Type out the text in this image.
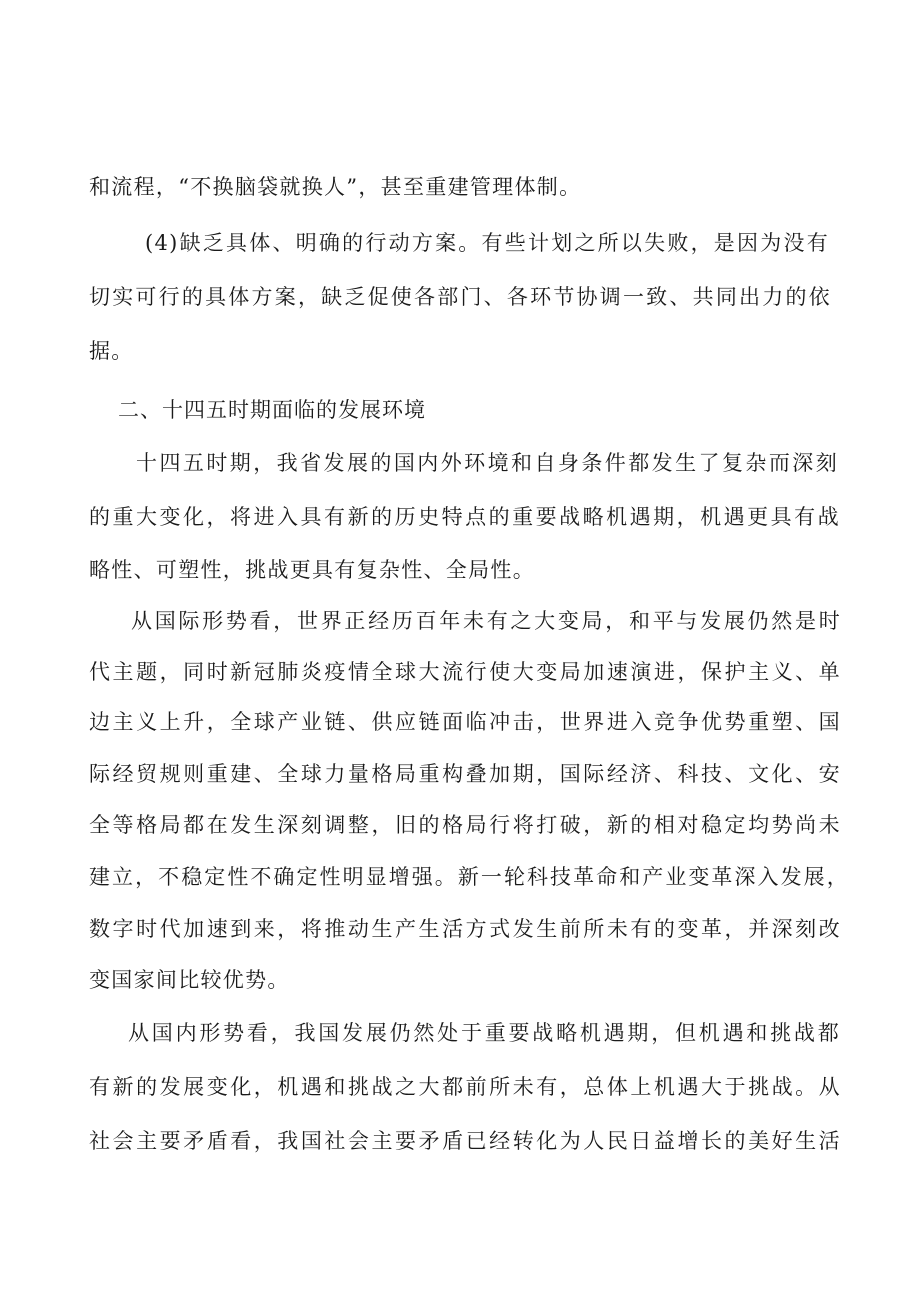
和流程，“不换脑袋就换人”，甚至重建管理体制。
(4)缺乏具体、明确的行动方案。有些计划之所以失败，是因为没有
切实可行的具体方案，缺乏促使各部门、各环节协调一致、共同出力的依
据。
二、十四五时期面临的发展环境
十四五时期，我省发展的国内外环境和自身条件都发生了复杂而深刻
的重大变化，将进入具有新的历史特点的重要战略机遇期，机遇更具有战
略性、可塑性，挑战更具有复杂性、全局性。
从国际形势看，世界正经历百年未有之大变局，和平与发展仍然是时
代主题，同时新冠肺炎疫情全球大流行使大变局加速演进，保护主义、单
边主义上升，全球产业链、供应链面临冲击，世界进入竞争优势重塑、国
际经贸规则重建、全球力量格局重构叠加期，国际经济、科技、文化、安
全等格局都在发生深刻调整，旧的格局行将打破，新的相对稳定均势尚未
建立，不稳定性不确定性明显增强。新一轮科技革命和产业变革深入发展，
数字时代加速到来，将推动生产生活方式发生前所未有的变革，并深刻改
变国家间比较优势。
从国内形势看，我国发展仍然处于重要战略机遇期，但机遇和挑战都
有新的发展变化，机遇和挑战之大都前所未有，总体上机遇大于挑战。从
社会主要矛盾看，我国社会主要矛盾已经转化为人民日益增长的美好生活
